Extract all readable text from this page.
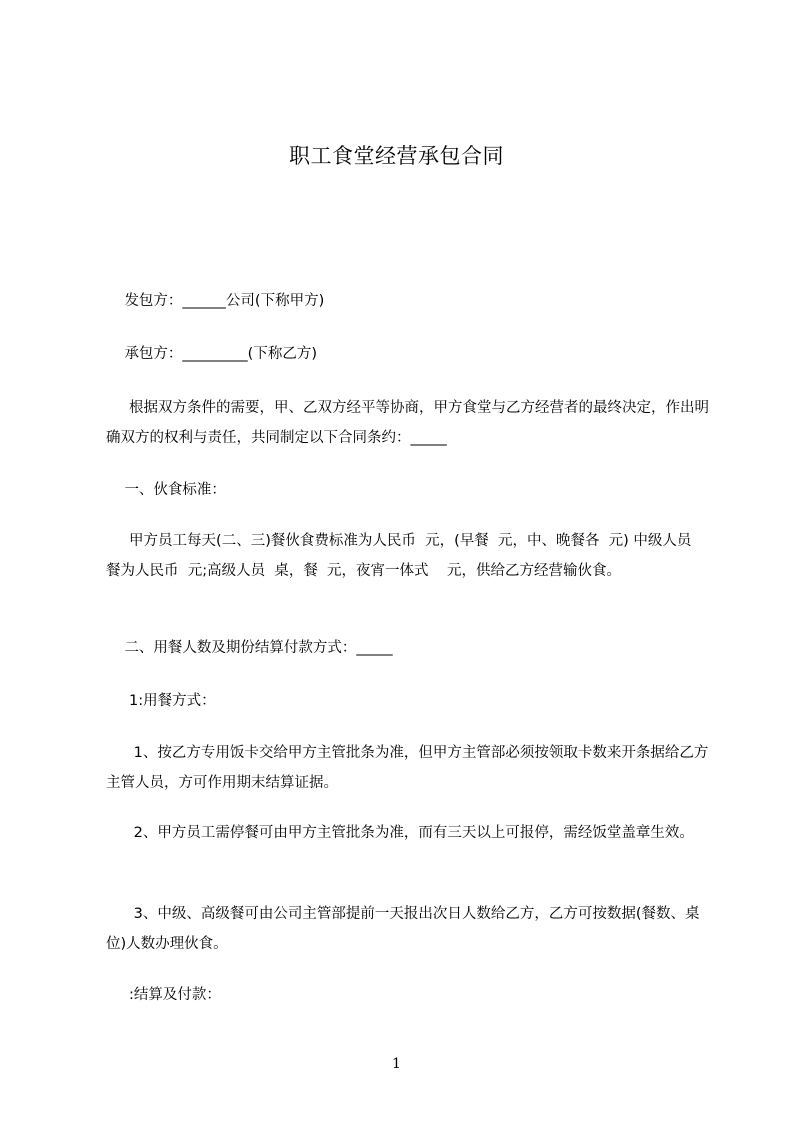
职工食堂经营承包合同
发包方：______公司(下称甲方)
承包方：_________(下称乙方)
根据双方条件的需要，甲、乙双方经平等协商，甲方食堂与乙方经营者的最终决定，作出明确双方的权利与责任，共同制定以下合同条约：_____
一、伙食标准：
甲方员工每天(二、三)餐伙食费标准为人民币  元，(早餐  元，中、晚餐各  元) 中级人员  餐为人民币  元;高级人员  桌，餐  元，夜宵一体式    元，供给乙方经营输伙食。
二、用餐人数及期份结算付款方式：_____
1:用餐方式：
1、按乙方专用饭卡交给甲方主管批条为准，但甲方主管部必须按领取卡数来开条据给乙方主管人员，方可作用期末结算证据。
2、甲方员工需停餐可由甲方主管批条为准，而有三天以上可报停，需经饭堂盖章生效。
3、中级、高级餐可由公司主管部提前一天报出次日人数给乙方，乙方可按数据(餐数、桌位)人数办理伙食。
:结算及付款：
1
